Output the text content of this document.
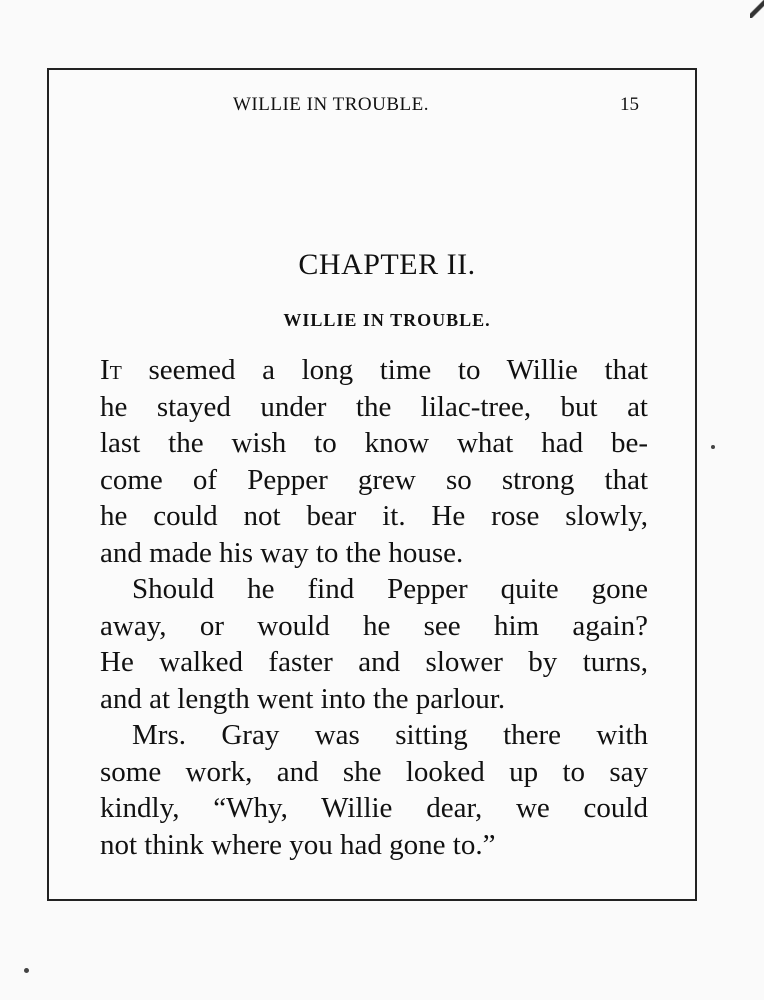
WILLIE IN TROUBLE.	15
CHAPTER II.
WILLIE IN TROUBLE.

It seemed a long time to Willie that
he stayed under the lilac-tree, but at
last the wish to know what had be-
come of Pepper grew so strong that
he could not bear it. He rose slowly,
and made his way to the house.

Should he find Pepper quite gone
away, or would he see him again?
He walked faster and slower by turns,
and at length went into the parlour.

Mrs. Gray was sitting there with
some work, and she looked up to say
kindly, “Why, Willie dear, we could
not think where you had gone to.”
